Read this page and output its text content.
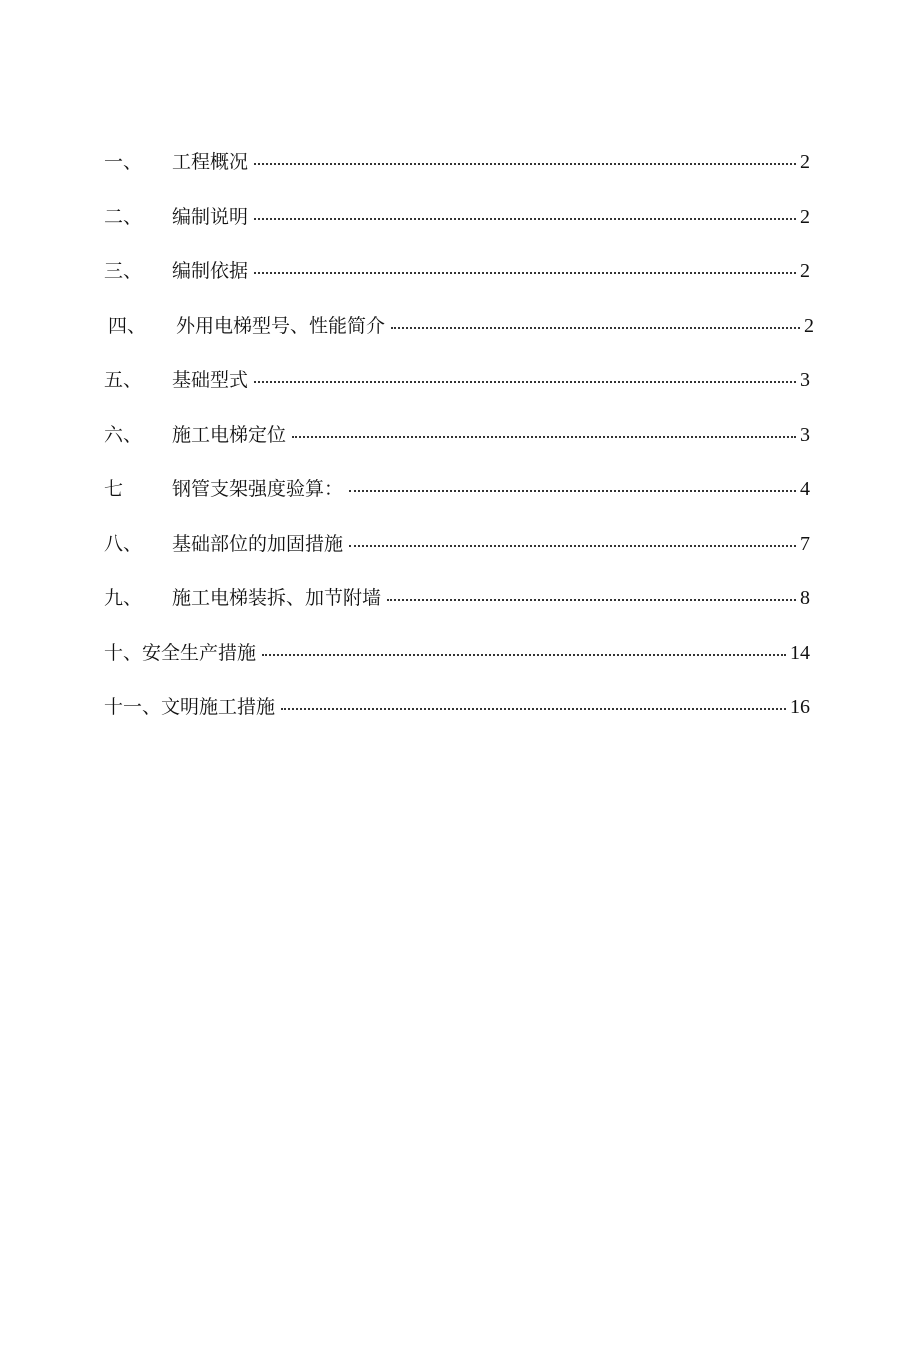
一、	工程概况	2
二、	编制说明	2
三、	编制依据	2
四、	外用电梯型号、性能简介	2
五、	基础型式	3
六、	施工电梯定位	3
七	钢管支架强度验算：	4
八、	基础部位的加固措施	7
九、	施工电梯装拆、加节附墙	8
十、 安全生产措施	14
十一、 文明施工措施	16
